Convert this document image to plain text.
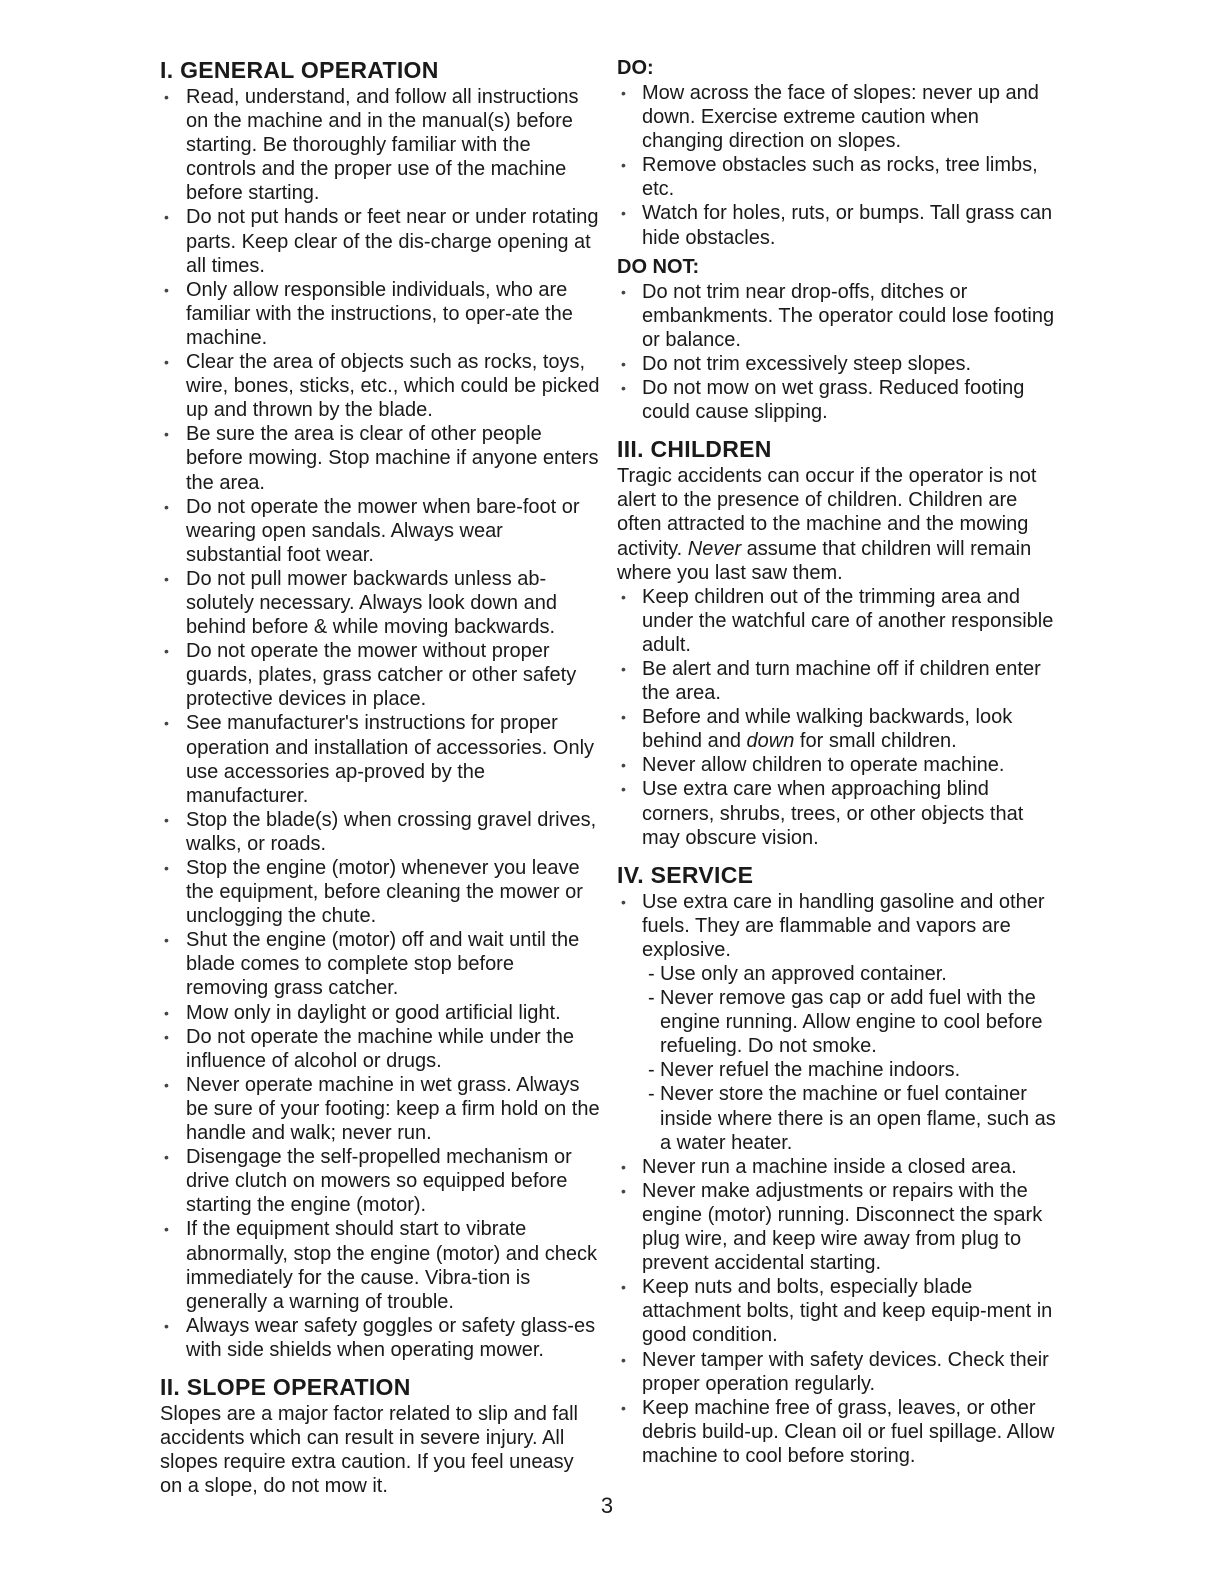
I. GENERAL OPERATION
• Read, understand, and follow all instructions on the machine and in the manual(s) before starting. Be thoroughly familiar with the controls and the proper use of the machine before starting.
• Do not put hands or feet near or under rotating parts. Keep clear of the dis-charge opening at all times.
• Only allow responsible individuals, who are familiar with the instructions, to oper-ate the machine.
• Clear the area of objects such as rocks, toys, wire, bones, sticks, etc., which could be picked up and thrown by the blade.
• Be sure the area is clear of other people before mowing. Stop machine if anyone enters the area.
• Do not operate the mower when bare-foot or wearing open sandals. Always wear substantial foot wear.
• Do not pull mower backwards unless ab-solutely necessary. Always look down and behind before & while moving backwards.
• Do not operate the mower without proper guards, plates, grass catcher or other safety protective devices in place.
• See manufacturer's instructions for proper operation and installation of accessories. Only use accessories ap-proved by the manufacturer.
• Stop the blade(s) when crossing gravel drives, walks, or roads.
• Stop the engine (motor) whenever you leave the equipment, before cleaning the mower or unclogging the chute.
• Shut the engine (motor) off and wait until the blade comes to complete stop before removing grass catcher.
• Mow only in daylight or good artificial light.
• Do not operate the machine while under the influence of alcohol or drugs.
• Never operate machine in wet grass. Always be sure of your footing: keep a firm hold on the handle and walk; never run.
• Disengage the self-propelled mechanism or drive clutch on mowers so equipped before starting the engine (motor).
• If the equipment should start to vibrate abnormally, stop the engine (motor) and check immediately for the cause. Vibra-tion is generally a warning of trouble.
• Always wear safety goggles or safety glass-es with side shields when operating mower.
II. SLOPE OPERATION

Slopes are a major factor related to slip and fall accidents which can result in severe injury. All slopes require extra caution. If you feel uneasy on a slope, do not mow it.

DO:
• Mow across the face of slopes: never up and down. Exercise extreme caution when changing direction on slopes.
• Remove obstacles such as rocks, tree limbs, etc.
• Watch for holes, ruts, or bumps. Tall grass can hide obstacles.
DO NOT:
• Do not trim near drop-offs, ditches or embankments. The operator could lose footing or balance.
• Do not trim excessively steep slopes.
• Do not mow on wet grass. Reduced footing could cause slipping.
III. CHILDREN

Tragic accidents can occur if the operator is not alert to the presence of children. Children are often attracted to the machine and the mowing activity. Never assume that children will remain where you last saw them.

• Keep children out of the trimming area and under the watchful care of another responsible adult.
• Be alert and turn machine off if children enter the area.
• Before and while walking backwards, look behind and down for small children.
• Never allow children to operate machine.
• Use extra care when approaching blind corners, shrubs, trees, or other objects that may obscure vision.
IV. SERVICE
• Use extra care in handling gasoline and other fuels. They are flammable and vapors are explosive.
- Use only an approved container.
- Never remove gas cap or add fuel with the engine running. Allow engine to cool before refueling. Do not smoke.
- Never refuel the machine indoors.
- Never store the machine or fuel container inside where there is an open flame, such as a water heater.
• Never run a machine inside a closed area.
• Never make adjustments or repairs with the engine (motor) running. Disconnect the spark plug wire, and keep wire away from plug to prevent accidental starting.
• Keep nuts and bolts, especially blade attachment bolts, tight and keep equip-ment in good condition.
• Never tamper with safety devices. Check their proper operation regularly.
• Keep machine free of grass, leaves, or other debris build-up. Clean oil or fuel spillage. Allow machine to cool before storing.
3
